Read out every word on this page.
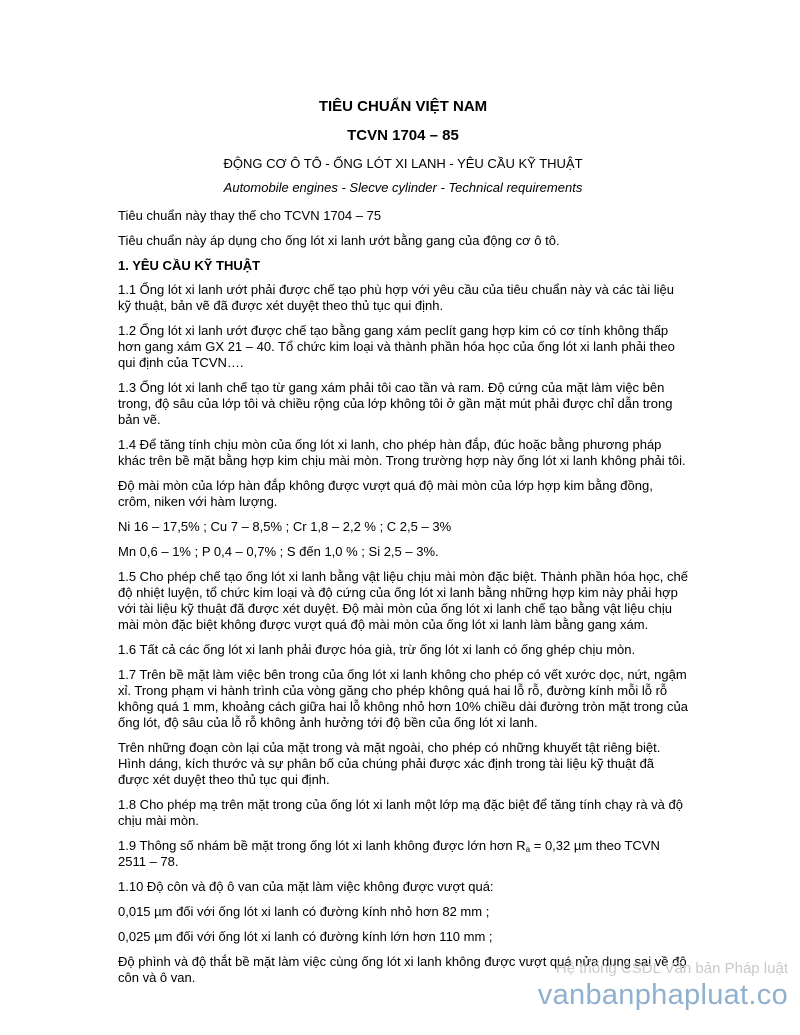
TIÊU CHUẨN VIỆT NAM
TCVN 1704 – 85
ĐỘNG CƠ Ô TÔ - ỐNG LÓT XI LANH - YÊU CẦU KỸ THUẬT
Automobile engines - Slecve cylinder - Technical requirements

Tiêu chuẩn này thay thế cho TCVN 1704 – 75

Tiêu chuẩn này áp dụng cho ống lót xi lanh ướt bằng gang của động cơ ô tô.

1. YÊU CẦU KỸ THUẬT

1.1 Ống lót xi lanh ướt phải được chế tạo phù hợp với yêu cầu của tiêu chuẩn này và các tài liệu kỹ thuật, bản vẽ đã được xét duyệt theo thủ tục qui định.

1.2 Ống lót xi lanh ướt được chế tạo bằng gang xám peclít gang hợp kim có cơ tính không thấp hơn gang xám GX 21 – 40. Tổ chức kim loại và thành phần hóa học của ống lót xi lanh phải theo qui định của TCVN….

1.3 Ống lót xi lanh chế tạo từ gang xám phải tôi cao tần và ram. Độ cứng của mặt làm việc bên trong, độ sâu của lớp tôi và chiều rộng của lớp không tôi ở gần mặt mút phải được chỉ dẫn trong bản vẽ.

1.4 Để tăng tính chịu mòn của ống lót xi lanh, cho phép hàn đắp, đúc hoặc bằng phương pháp khác trên bề mặt bằng hợp kim chịu mài mòn. Trong trường hợp này ống lót xi lanh không phải tôi.

Độ mài mòn của lớp hàn đắp không được vượt quá độ mài mòn của lớp hợp kim bằng đồng, crôm, niken với hàm lượng.

Ni 16 – 17,5% ; Cu 7 – 8,5% ; Cr 1,8 – 2,2 % ; C 2,5 – 3%

Mn 0,6 – 1% ; P 0,4 – 0,7% ; S đến 1,0 % ; Si 2,5 – 3%.

1.5 Cho phép chế tạo ống lót xi lanh bằng vật liệu chịu mài mòn đặc biệt. Thành phần hóa học, chế độ nhiệt luyện, tổ chức kim loại và độ cứng của ống lót xi lanh bằng những hợp kim này phải hợp với tài liệu kỹ thuật đã được xét duyệt. Độ mài mòn của ống lót xi lanh chế tạo bằng vật liệu chịu mài mòn đặc biệt không được vượt quá độ mài mòn của ống lót xi lanh làm bằng gang xám.

1.6 Tất cả các ống lót xi lanh phải được hóa già, trừ ống lót xi lanh có ống ghép chịu mòn.

1.7 Trên bề mặt làm việc bên trong của ống lót xi lanh không cho phép có vết xước dọc, nứt, ngậm xỉ. Trong phạm vi hành trình của vòng găng cho phép không quá hai lỗ rỗ, đường kính mỗi lỗ rỗ không quá 1 mm, khoảng cách giữa hai lỗ không nhỏ hơn 10% chiều dài đường tròn mặt trong của ống lót, độ sâu của lỗ rỗ không ảnh hưởng tới độ bền của ống lót xi lanh.

Trên những đoạn còn lại của mặt trong và mặt ngoài, cho phép có những khuyết tật riêng biệt. Hình dáng, kích thước và sự phân bố của chúng phải được xác định trong tài liệu kỹ thuật đã được xét duyệt theo thủ tục qui định.

1.8 Cho phép mạ trên mặt trong của ống lót xi lanh một lớp mạ đặc biệt để tăng tính chạy rà và độ chịu mài mòn.

1.9 Thông số nhám bề mặt trong ống lót xi lanh không được lớn hơn $R_a = 0,32$ µm theo TCVN 2511 – 78.

1.10 Độ côn và độ ô van của mặt làm việc không được vượt quá:

0,015 µm đối với ống lót xi lanh có đường kính nhỏ hơn 82 mm ;

0,025 µm đối với ống lót xi lanh có đường kính lớn hơn 110 mm ;

Độ phình và độ thắt bề mặt làm việc cùng ống lót xi lanh không được vượt quá nửa dung sai về độ côn và ô van.

Hệ thống CSDL Văn bản Pháp luật
vanbanphapluat.co
